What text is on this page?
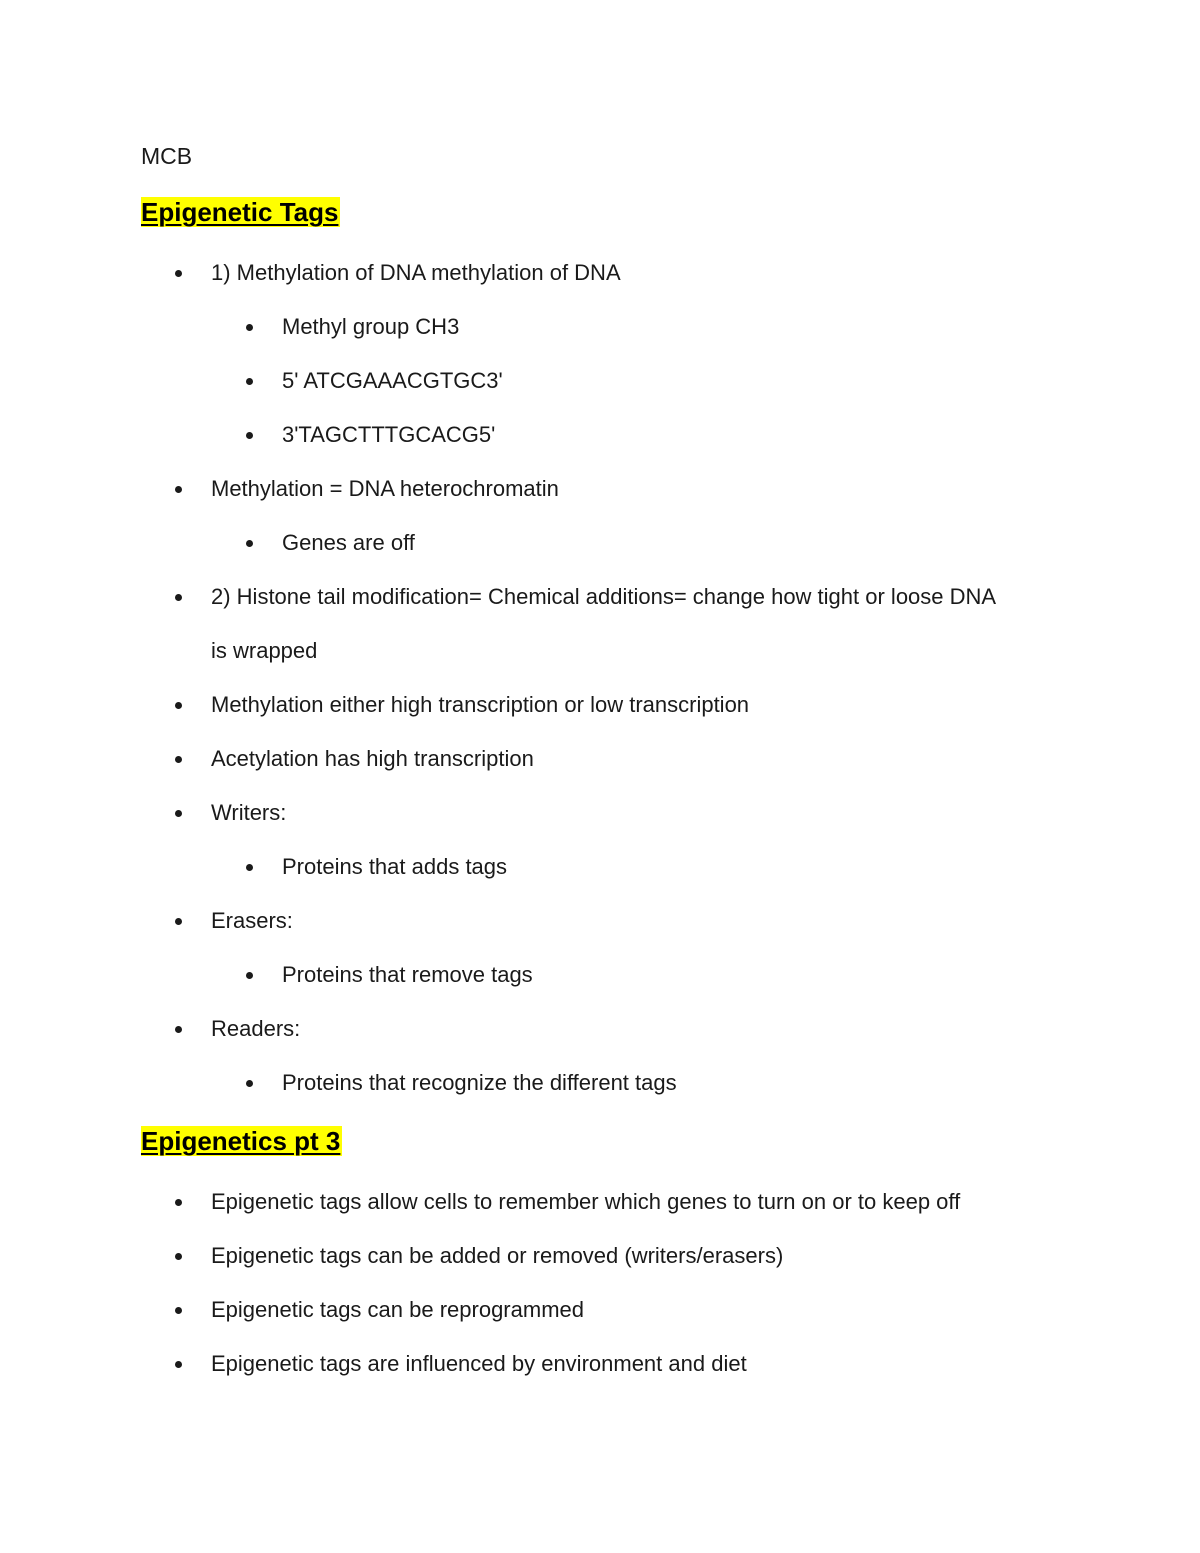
MCB

Epigenetic Tags
1) Methylation of DNA methylation of DNA
Methyl group CH3
5' ATCGAAACGTGC3'
3'TAGCTTTGCACG5'
Methylation = DNA heterochromatin
Genes are off
2) Histone tail modification= Chemical additions= change how tight or loose DNA
is wrapped
Methylation either high transcription or low transcription
Acetylation has high transcription
Writers:
Proteins that adds tags
Erasers:
Proteins that remove tags
Readers:
Proteins that recognize the different tags
Epigenetics pt 3
Epigenetic tags allow cells to remember which genes to turn on or to keep off
Epigenetic tags can be added or removed (writers/erasers)
Epigenetic tags can be reprogrammed
Epigenetic tags are influenced by environment and diet
